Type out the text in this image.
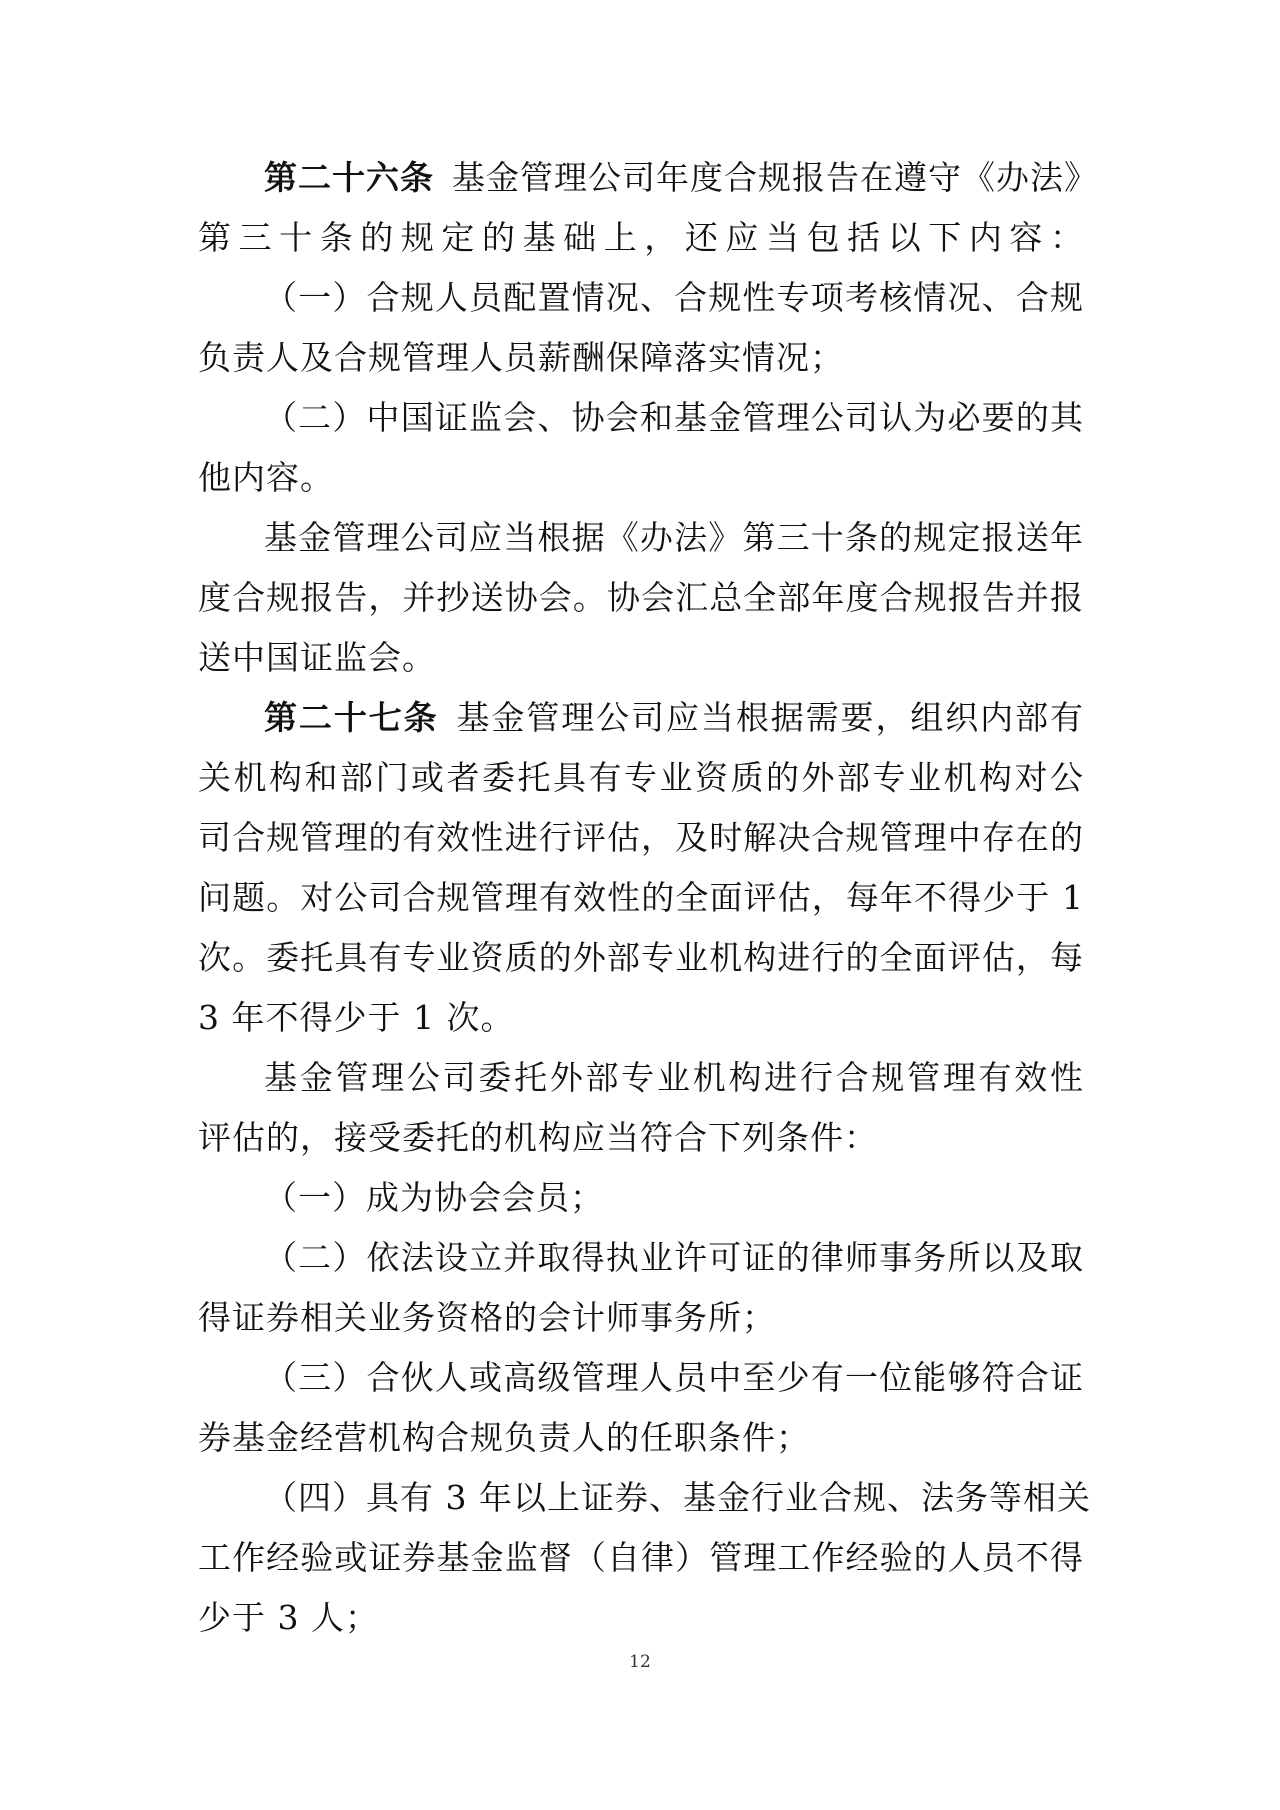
第二十六条 基金管理公司年度合规报告在遵守《办法》
第三十条的规定的基础上，还应当包括以下内容：
（一）合规人员配置情况、合规性专项考核情况、合规
负责人及合规管理人员薪酬保障落实情况；
（二）中国证监会、协会和基金管理公司认为必要的其
他内容。
基金管理公司应当根据《办法》第三十条的规定报送年
度合规报告，并抄送协会。协会汇总全部年度合规报告并报
送中国证监会。
第二十七条 基金管理公司应当根据需要，组织内部有
关机构和部门或者委托具有专业资质的外部专业机构对公
司合规管理的有效性进行评估，及时解决合规管理中存在的
问题。对公司合规管理有效性的全面评估，每年不得少于 1
次。委托具有专业资质的外部专业机构进行的全面评估，每
3 年不得少于 1 次。
基金管理公司委托外部专业机构进行合规管理有效性
评估的，接受委托的机构应当符合下列条件：
（一）成为协会会员；
（二）依法设立并取得执业许可证的律师事务所以及取
得证券相关业务资格的会计师事务所；
（三）合伙人或高级管理人员中至少有一位能够符合证
券基金经营机构合规负责人的任职条件；
（四）具有 3 年以上证券、基金行业合规、法务等相关
工作经验或证券基金监督（自律）管理工作经验的人员不得
少于 3 人；
12
